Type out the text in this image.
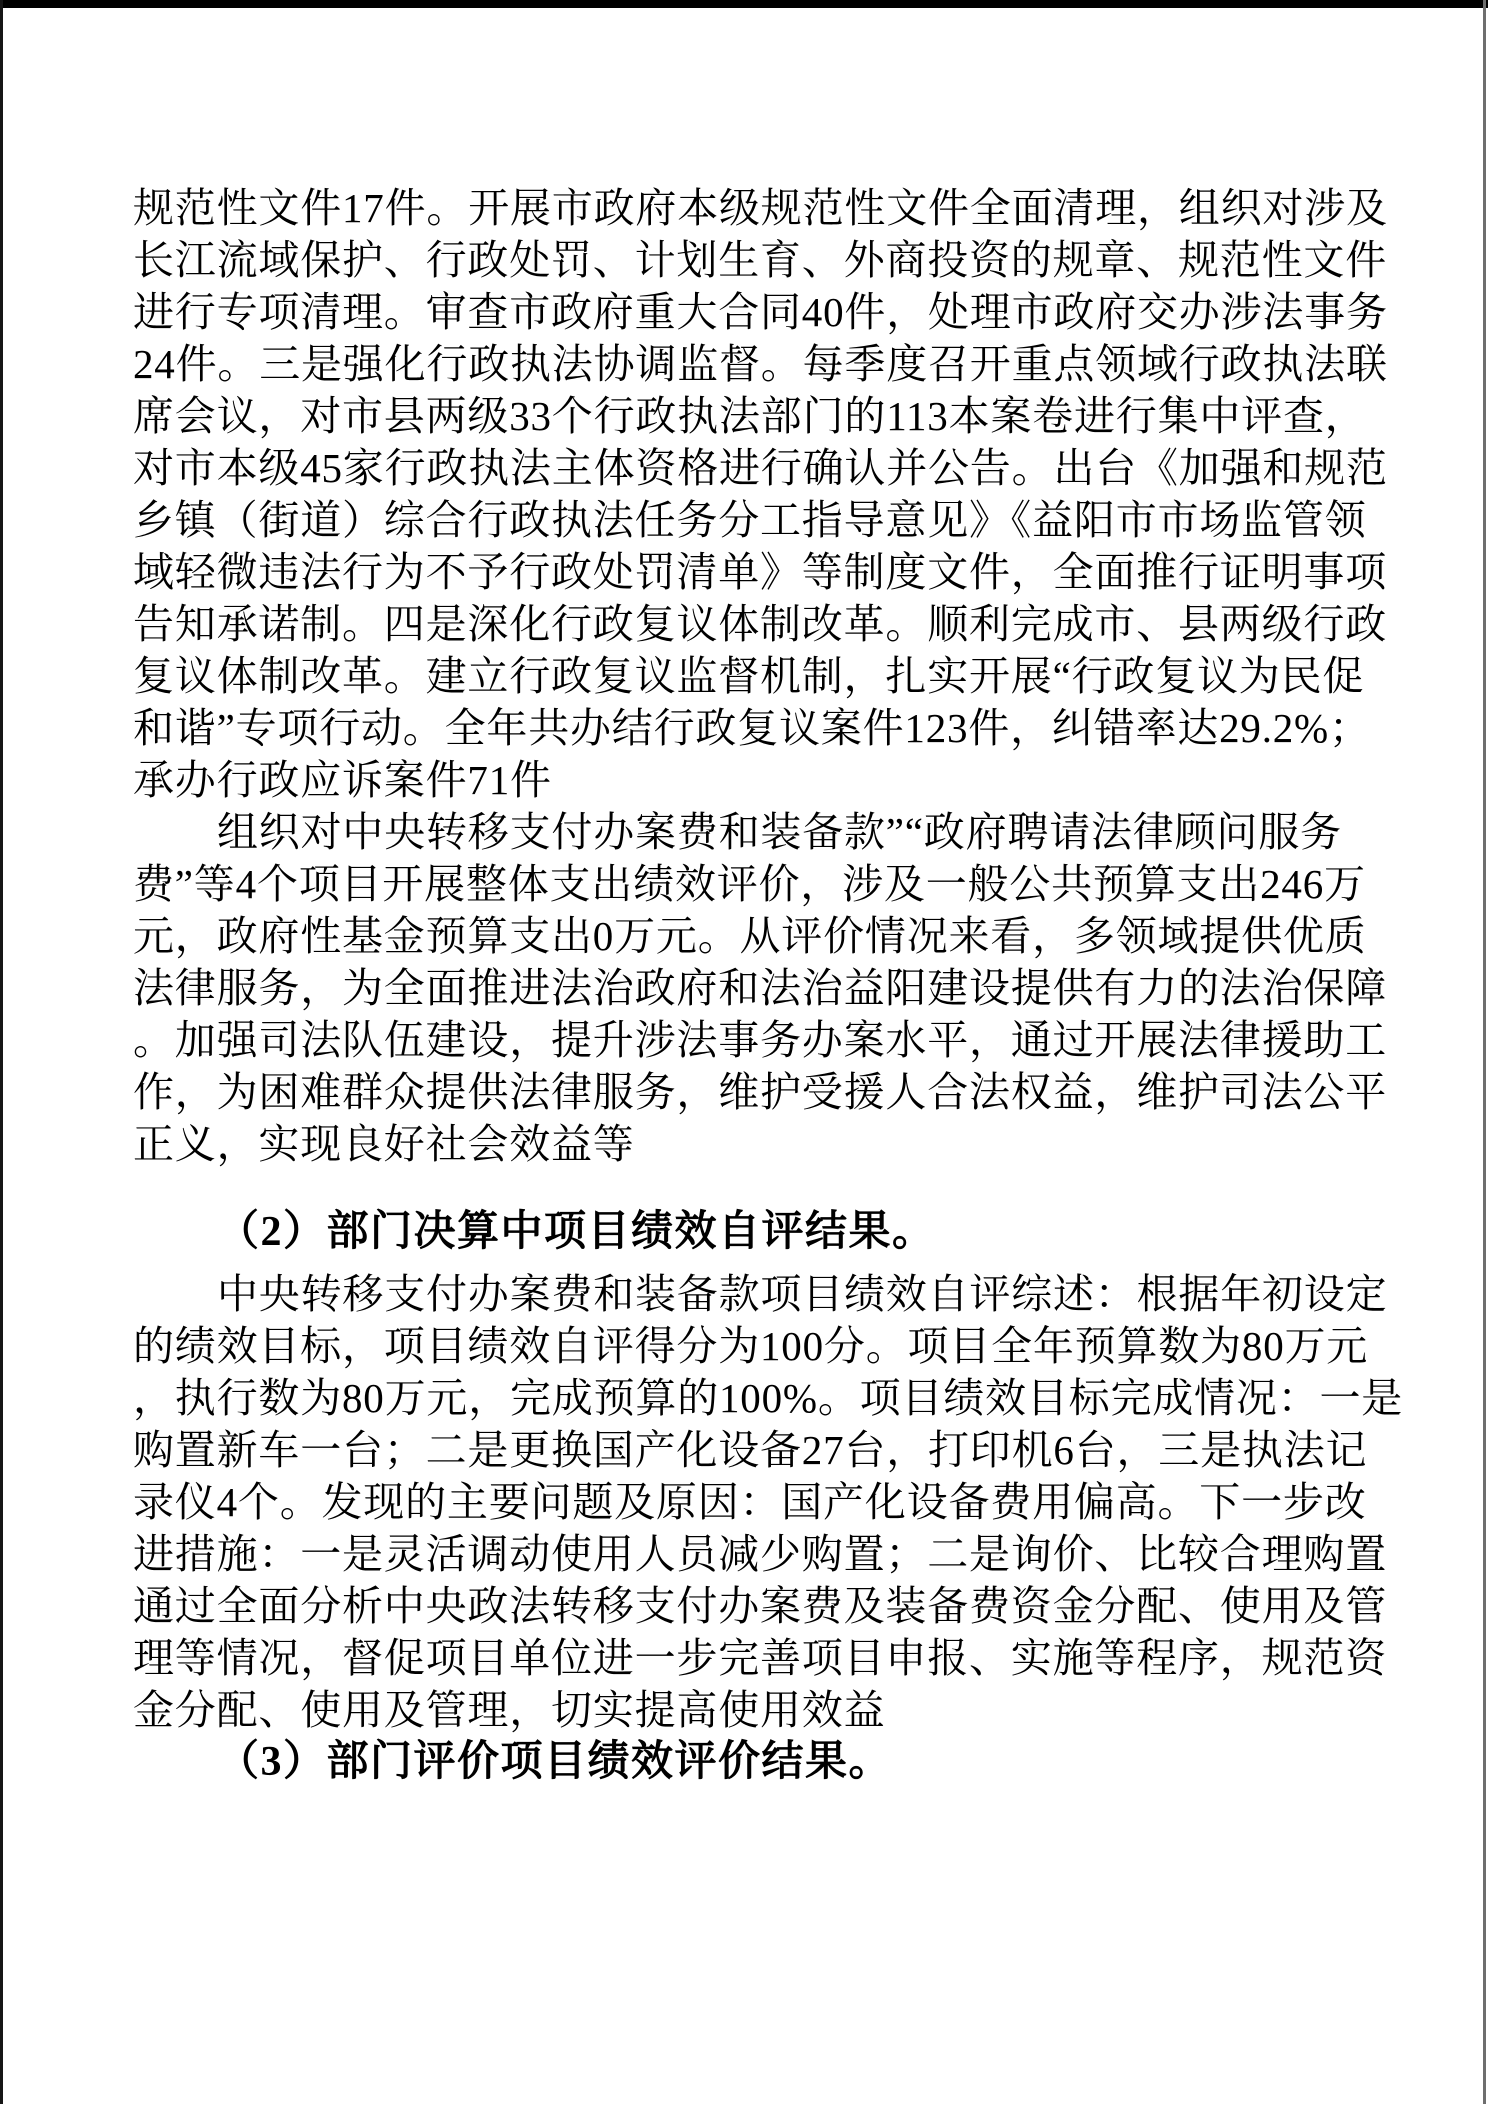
规范性文件17件。开展市政府本级规范性文件全面清理，组织对涉及
长江流域保护、行政处罚、计划生育、外商投资的规章、规范性文件
进行专项清理。审查市政府重大合同40件，处理市政府交办涉法事务
24件。三是强化行政执法协调监督。每季度召开重点领域行政执法联
席会议，对市县两级33个行政执法部门的113本案卷进行集中评查，
对市本级45家行政执法主体资格进行确认并公告。出台《加强和规范
乡镇（街道）综合行政执法任务分工指导意见》《益阳市市场监管领
域轻微违法行为不予行政处罚清单》等制度文件，全面推行证明事项
告知承诺制。四是深化行政复议体制改革。顺利完成市、县两级行政
复议体制改革。建立行政复议监督机制，扎实开展“行政复议为民促
和谐”专项行动。全年共办结行政复议案件123件，纠错率达29.2%；
承办行政应诉案件71件
组织对中央转移支付办案费和装备款”“政府聘请法律顾问服务
费”等4个项目开展整体支出绩效评价，涉及一般公共预算支出246万
元，政府性基金预算支出0万元。从评价情况来看，多领域提供优质
法律服务，为全面推进法治政府和法治益阳建设提供有力的法治保障
。加强司法队伍建设，提升涉法事务办案水平，通过开展法律援助工
作，为困难群众提供法律服务，维护受援人合法权益，维护司法公平
正义，实现良好社会效益等
（2）部门决算中项目绩效自评结果。
中央转移支付办案费和装备款项目绩效自评综述：根据年初设定
的绩效目标，项目绩效自评得分为100分。项目全年预算数为80万元
，执行数为80万元，完成预算的100%。项目绩效目标完成情况：一是
购置新车一台；二是更换国产化设备27台，打印机6台，三是执法记
录仪4个。发现的主要问题及原因：国产化设备费用偏高。下一步改
进措施：一是灵活调动使用人员减少购置；二是询价、比较合理购置
通过全面分析中央政法转移支付办案费及装备费资金分配、使用及管
理等情况，督促项目单位进一步完善项目申报、实施等程序，规范资
金分配、使用及管理，切实提高使用效益
（3）部门评价项目绩效评价结果。
